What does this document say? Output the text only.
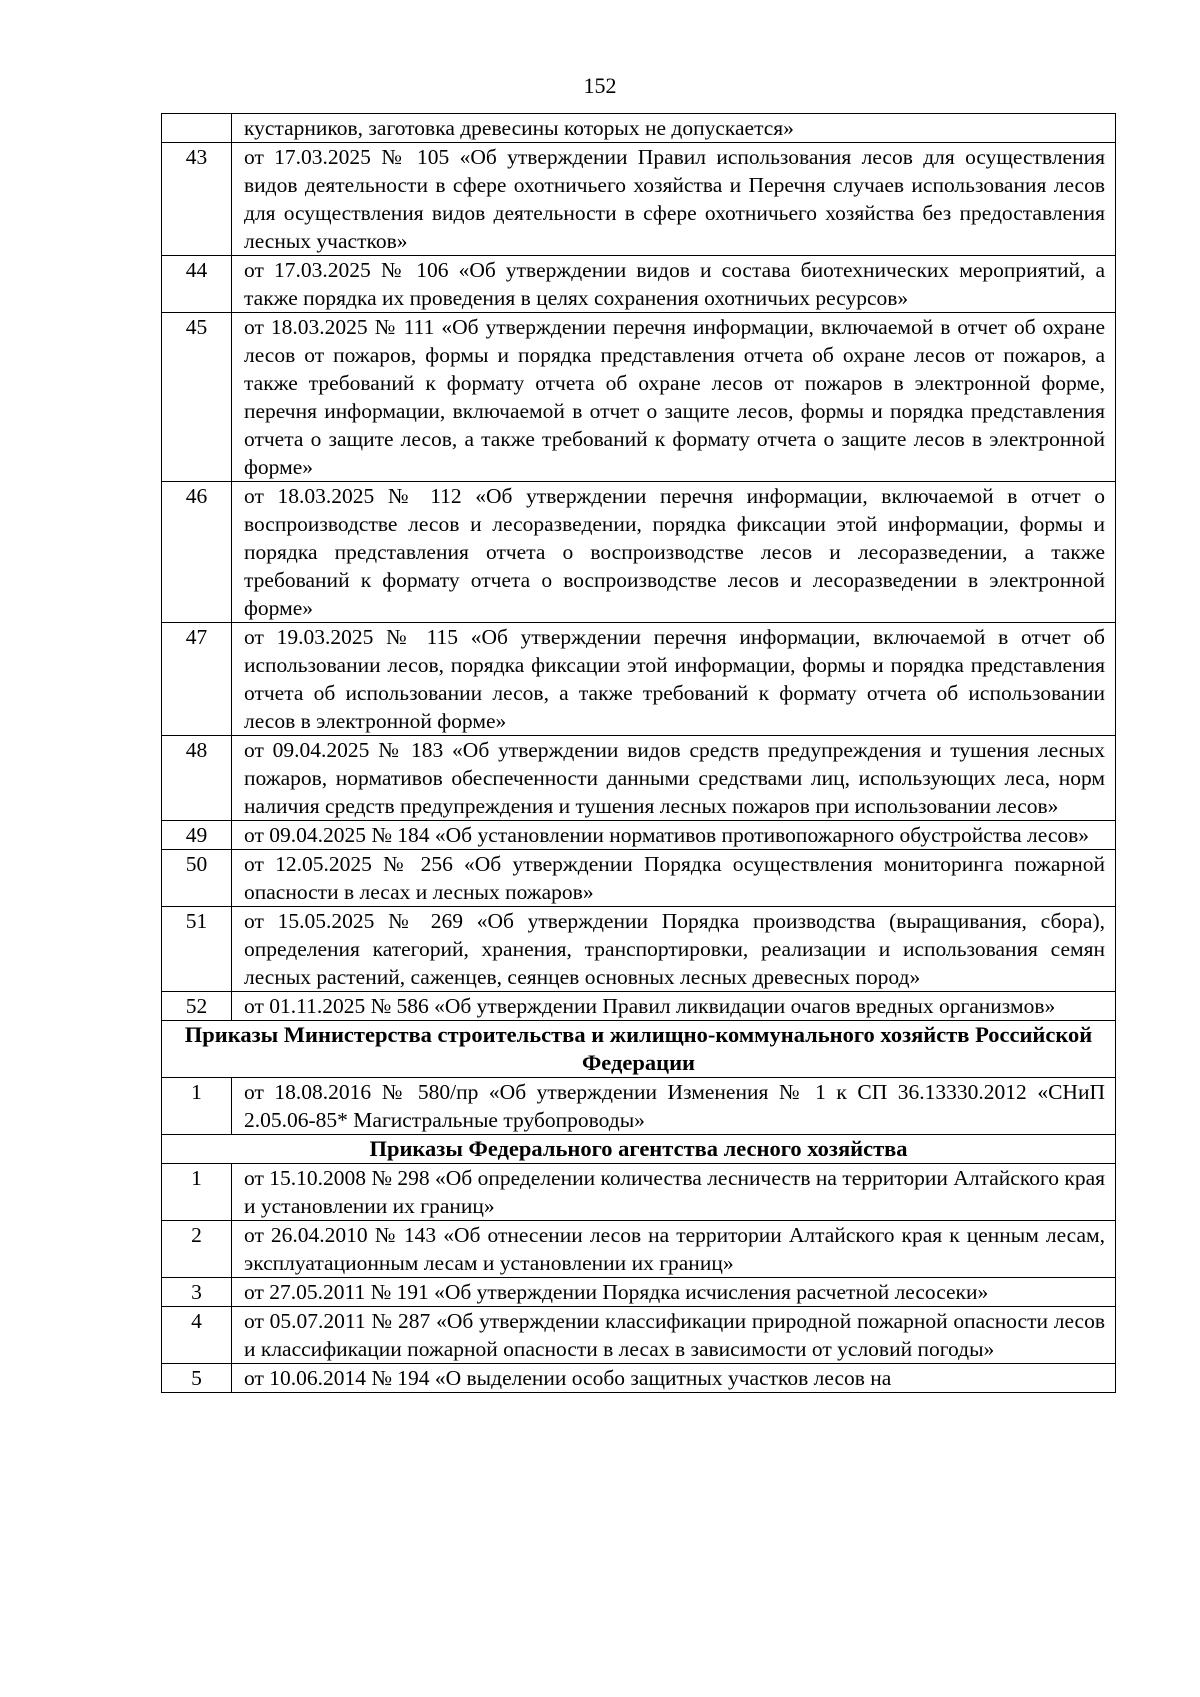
152
	кустарников, заготовка древесины которых не допускается»
43	от 17.03.2025 № 105 «Об утверждении Правил использования лесов для осуществления видов деятельности в сфере охотничьего хозяйства и Перечня случаев использования лесов для осуществления видов деятельности в сфере охотничьего хозяйства без предоставления лесных участков»
44	от 17.03.2025 № 106 «Об утверждении видов и состава биотехнических мероприятий, а также порядка их проведения в целях сохранения охотничьих ресурсов»
45	от 18.03.2025 № 111 «Об утверждении перечня информации, включаемой в отчет об охране лесов от пожаров, формы и порядка представления отчета об охране лесов от пожаров, а также требований к формату отчета об охране лесов от пожаров в электронной форме, перечня информации, включаемой в отчет о защите лесов, формы и порядка представления отчета о защите лесов, а также требований к формату отчета о защите лесов в электронной форме»
46	от 18.03.2025 № 112 «Об утверждении перечня информации, включаемой в отчет о воспроизводстве лесов и лесоразведении, порядка фиксации этой информации, формы и порядка представления отчета о воспроизводстве лесов и лесоразведении, а также требований к формату отчета о воспроизводстве лесов и лесоразведении в электронной форме»
47	от 19.03.2025 № 115 «Об утверждении перечня информации, включаемой в отчет об использовании лесов, порядка фиксации этой информации, формы и порядка представления отчета об использовании лесов, а также требований к формату отчета об использовании лесов в электронной форме»
48	от 09.04.2025 № 183 «Об утверждении видов средств предупреждения и тушения лесных пожаров, нормативов обеспеченности данными средствами лиц, использующих леса, норм наличия средств предупреждения и тушения лесных пожаров при использовании лесов»
49	от 09.04.2025 № 184 «Об установлении нормативов противопожарного обустройства лесов»
50	от 12.05.2025 № 256 «Об утверждении Порядка осуществления мониторинга пожарной опасности в лесах и лесных пожаров»
51	от 15.05.2025 № 269 «Об утверждении Порядка производства (выращивания, сбора), определения категорий, хранения, транспортировки, реализации и использования семян лесных растений, саженцев, сеянцев основных лесных древесных пород»
52	от 01.11.2025 № 586 «Об утверждении Правил ликвидации очагов вредных организмов»
Приказы Министерства строительства и жилищно-коммунального хозяйств Российской Федерации	
1	от 18.08.2016 № 580/пр «Об утверждении Изменения № 1 к СП 36.13330.2012 «СНиП 2.05.06-85* Магистральные трубопроводы»
Приказы Федерального агентства лесного хозяйства	
1	от 15.10.2008 № 298 «Об определении количества лесничеств на территории Алтайского края и установлении их границ»
2	от 26.04.2010 № 143 «Об отнесении лесов на территории Алтайского края к ценным лесам, эксплуатационным лесам и установлении их границ»
3	от 27.05.2011 № 191 «Об утверждении Порядка исчисления расчетной лесосеки»
4	от 05.07.2011 № 287 «Об утверждении классификации природной пожарной опасности лесов и классификации пожарной опасности в лесах в зависимости от условий погоды»
5	от 10.06.2014 № 194 «О выделении особо защитных участков лесов на
